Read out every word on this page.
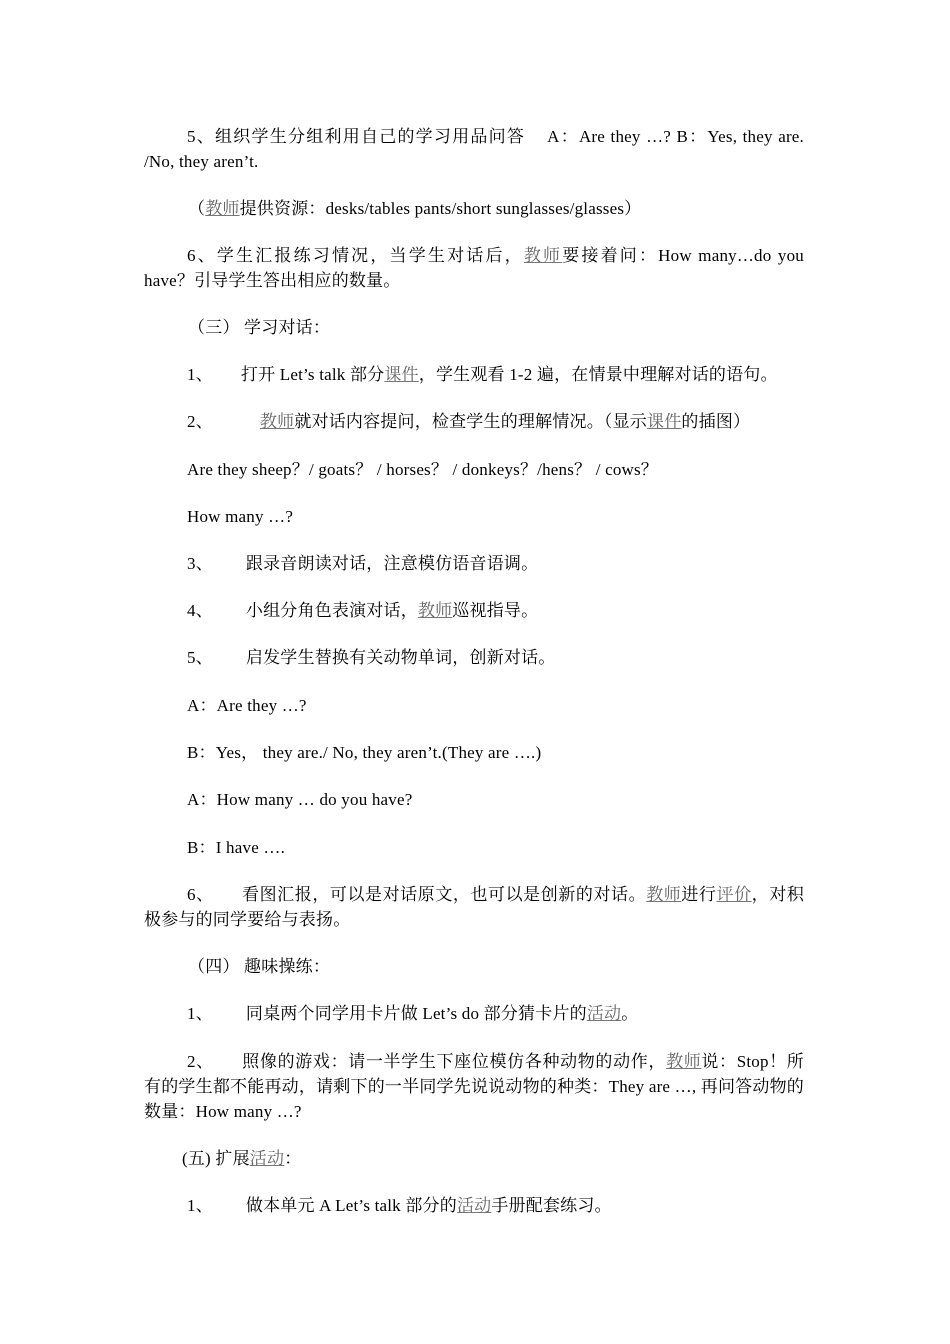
5、组织学生分组利用自己的学习用品问答 A：Are they …? B：Yes, they are. /No, they aren’t.
（教师提供资源：desks/tables pants/short sunglasses/glasses）
6、学生汇报练习情况，当学生对话后，教师要接着问：How many…do you have？引导学生答出相应的数量。
（三） 学习对话：
1、 打开 Let’s talk 部分课件，学生观看 1-2 遍，在情景中理解对话的语句。
2、	教师就对话内容提问，检查学生的理解情况。（显示课件的插图）
Are they sheep？/ goats？ / horses？ / donkeys？/hens？ / cows？
How many …?
3、 跟录音朗读对话，注意模仿语音语调。
4、 小组分角色表演对话，教师巡视指导。
5、 启发学生替换有关动物单词，创新对话。
A：Are they …?
B：Yes， they are./ No, they aren’t.(They are ….)
A：How many … do you have?
B：I have ….
6、 看图汇报，可以是对话原文，也可以是创新的对话。教师进行评价，对积极参与的同学要给与表扬。
（四） 趣味操练：
1、 同桌两个同学用卡片做 Let’s do 部分猜卡片的活动。
2、 照像的游戏：请一半学生下座位模仿各种动物的动作，教师说：Stop！所有的学生都不能再动，请剩下的一半同学先说说动物的种类：They are …, 再问答动物的数量：How many …?
(五) 扩展活动：
1、 做本单元 A Let’s talk 部分的活动手册配套练习。
